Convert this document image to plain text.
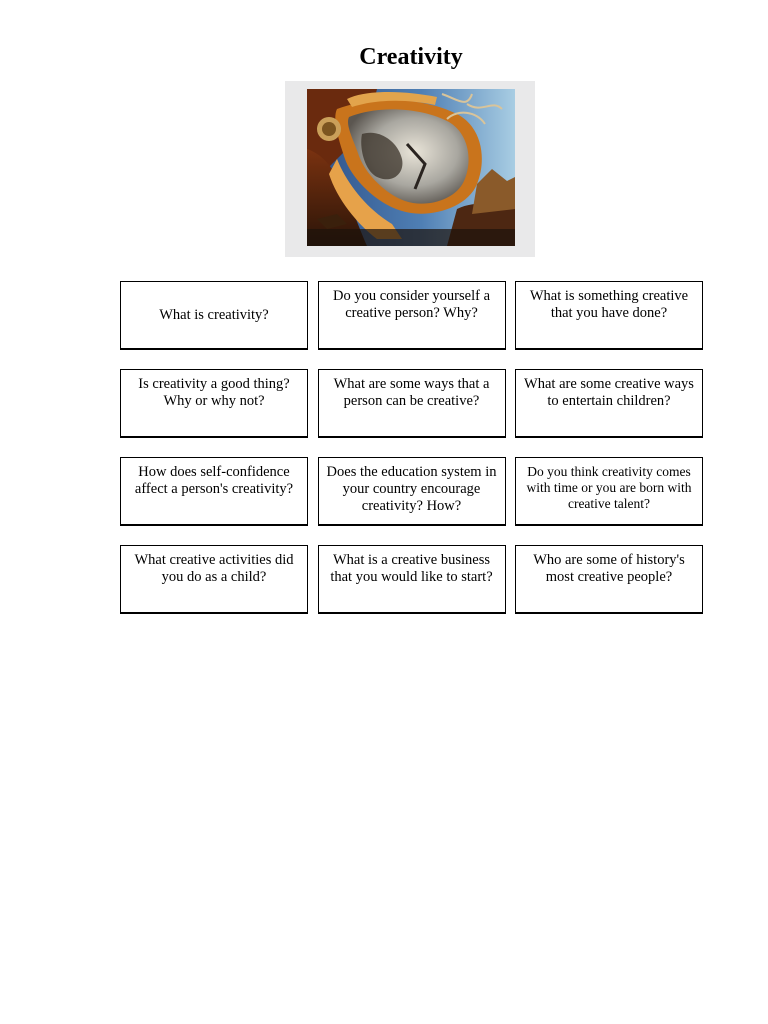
Creativity
What is creativity?
Do you consider yourself a creative person? Why?
What is something creative that you have done?
Is creativity a good thing? Why or why not?
What are some ways that a person can be creative?
What are some creative ways to entertain children?
How does self-confidence affect a person's creativity?
Does the education system in your country encourage creativity? How?
Do you think creativity comes with time or you are born with creative talent?
What creative activities did you do as a child?
What is a creative business that you would like to start?
Who are some of history's most creative people?
